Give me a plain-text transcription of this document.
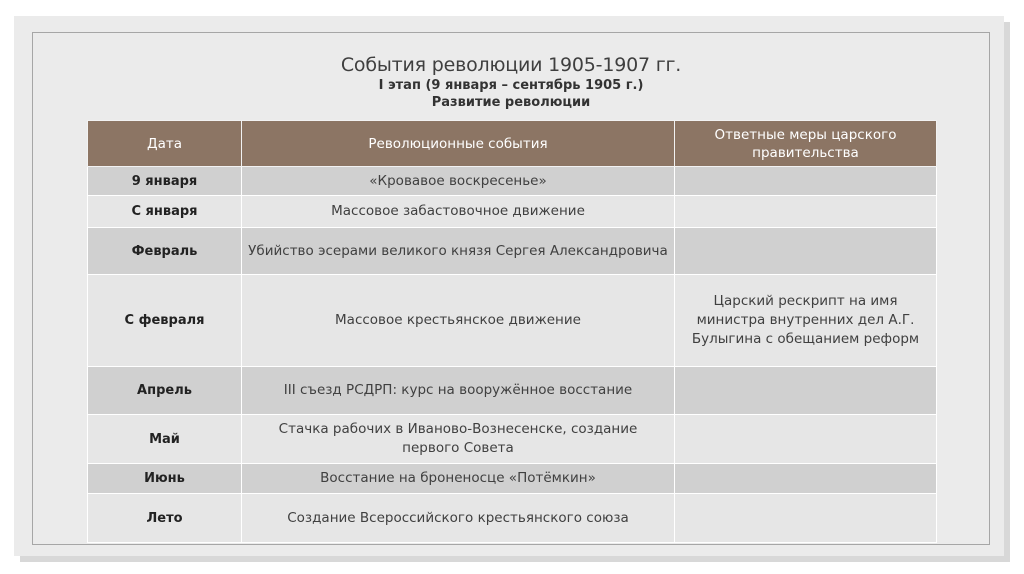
События революции 1905-1907 гг.
I этап (9 января – сентябрь 1905 г.)
Развитие революции
Дата	Революционные события	Ответные меры царского правительства
9 января	«Кровавое воскресенье»	
С января	Массовое забастовочное движение	
Февраль	Убийство эсерами великого князя Сергея Александровича	
С февраля	Массовое крестьянское движение	Царский рескрипт на имя министра внутренних дел А.Г. Булыгина с обещанием реформ
Апрель	III съезд РСДРП: курс на вооружённое восстание	
Май	Стачка рабочих в Иваново-Вознесенске, создание первого Совета	
Июнь	Восстание на броненосце «Потёмкин»	
Лето	Создание Всероссийского крестьянского союза	
